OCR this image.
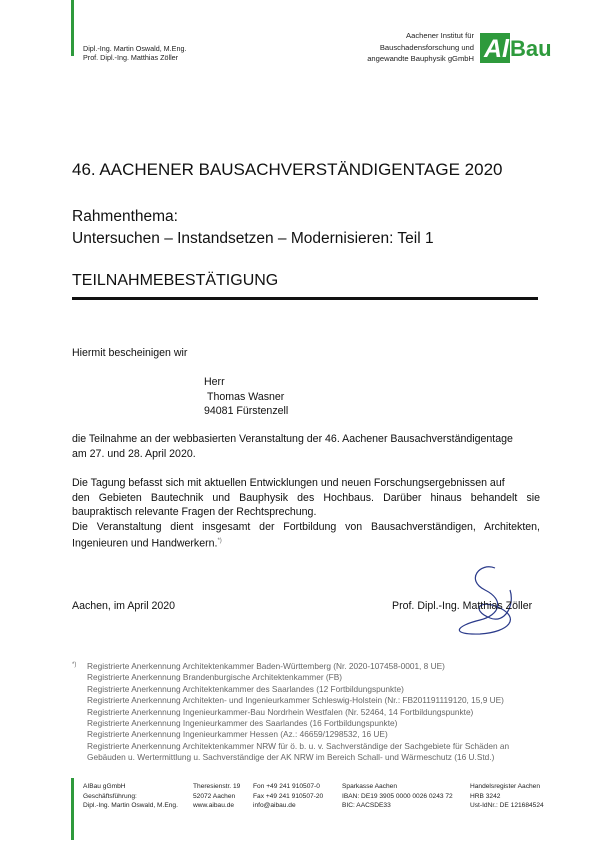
Dipl.-Ing. Martin Oswald, M.Eng.
Prof. Dipl.-Ing. Matthias Zöller
Aachener Institut für
Bauschadensforschung und
angewandte Bauphysik gGmbH Al Bau
46. AACHENER BAUSACHVERSTÄNDIGENTAGE 2020
Rahmenthema:
Untersuchen – Instandsetzen – Modernisieren: Teil 1
TEILNAHMEBESTÄTIGUNG
Hiermit bescheinigen wir
Herr
Thomas Wasner
94081 Fürstenzell
die Teilnahme an der webbasierten Veranstaltung der 46. Aachener Bausachverständigentage
am 27. und 28. April 2020.
Die Tagung befasst sich mit aktuellen Entwicklungen und neuen Forschungsergebnissen auf
den Gebieten Bautechnik und Bauphysik des Hochbaus. Darüber hinaus behandelt sie baupraktisch relevante Fragen der Rechtsprechung.
Die Veranstaltung dient insgesamt der Fortbildung von Bausachverständigen, Architekten, Ingenieuren und Handwerkern.*)
Aachen, im April 2020	Prof. Dipl.-Ing. Matthias Zöller
*) Registrierte Anerkennung Architektenkammer Baden-Württemberg (Nr. 2020-107458-0001, 8 UE)
Registrierte Anerkennung Brandenburgische Architektenkammer (FB)
Registrierte Anerkennung Architektenkammer des Saarlandes (12 Fortbildungspunkte)
Registrierte Anerkennung Architekten- und Ingenieurkammer Schleswig-Holstein (Nr.: FB201191119120, 15,9 UE)
Registrierte Anerkennung Ingenieurkammer-Bau Nordrhein Westfalen (Nr. 52464, 14 Fortbildungspunkte)
Registrierte Anerkennung Ingenieurkammer des Saarlandes (16 Fortbildungspunkte)
Registrierte Anerkennung Ingenieurkammer Hessen (Az.: 46659/1298532, 16 UE)
Registrierte Anerkennung Architektenkammer NRW für ö. b. u. v. Sachverständige der Sachgebiete für Schäden an
Gebäuden u. Wertermittlung u. Sachverständige der AK NRW im Bereich Schall- und Wärmeschutz (16 U.Std.)
AIBau gGmbH
Geschäftsführung:
Dipl.-Ing. Martin Oswald, M.Eng.
Theresienstr. 19
52072 Aachen
www.aibau.de
Fon +49 241 910507-0
Fax +49 241 910507-20
info@aibau.de
Sparkasse Aachen
IBAN: DE19 3905 0000 0026 0243 72
BIC: AACSDE33
Handelsregister Aachen
HRB 3242
Ust-IdNr.: DE 121684524
